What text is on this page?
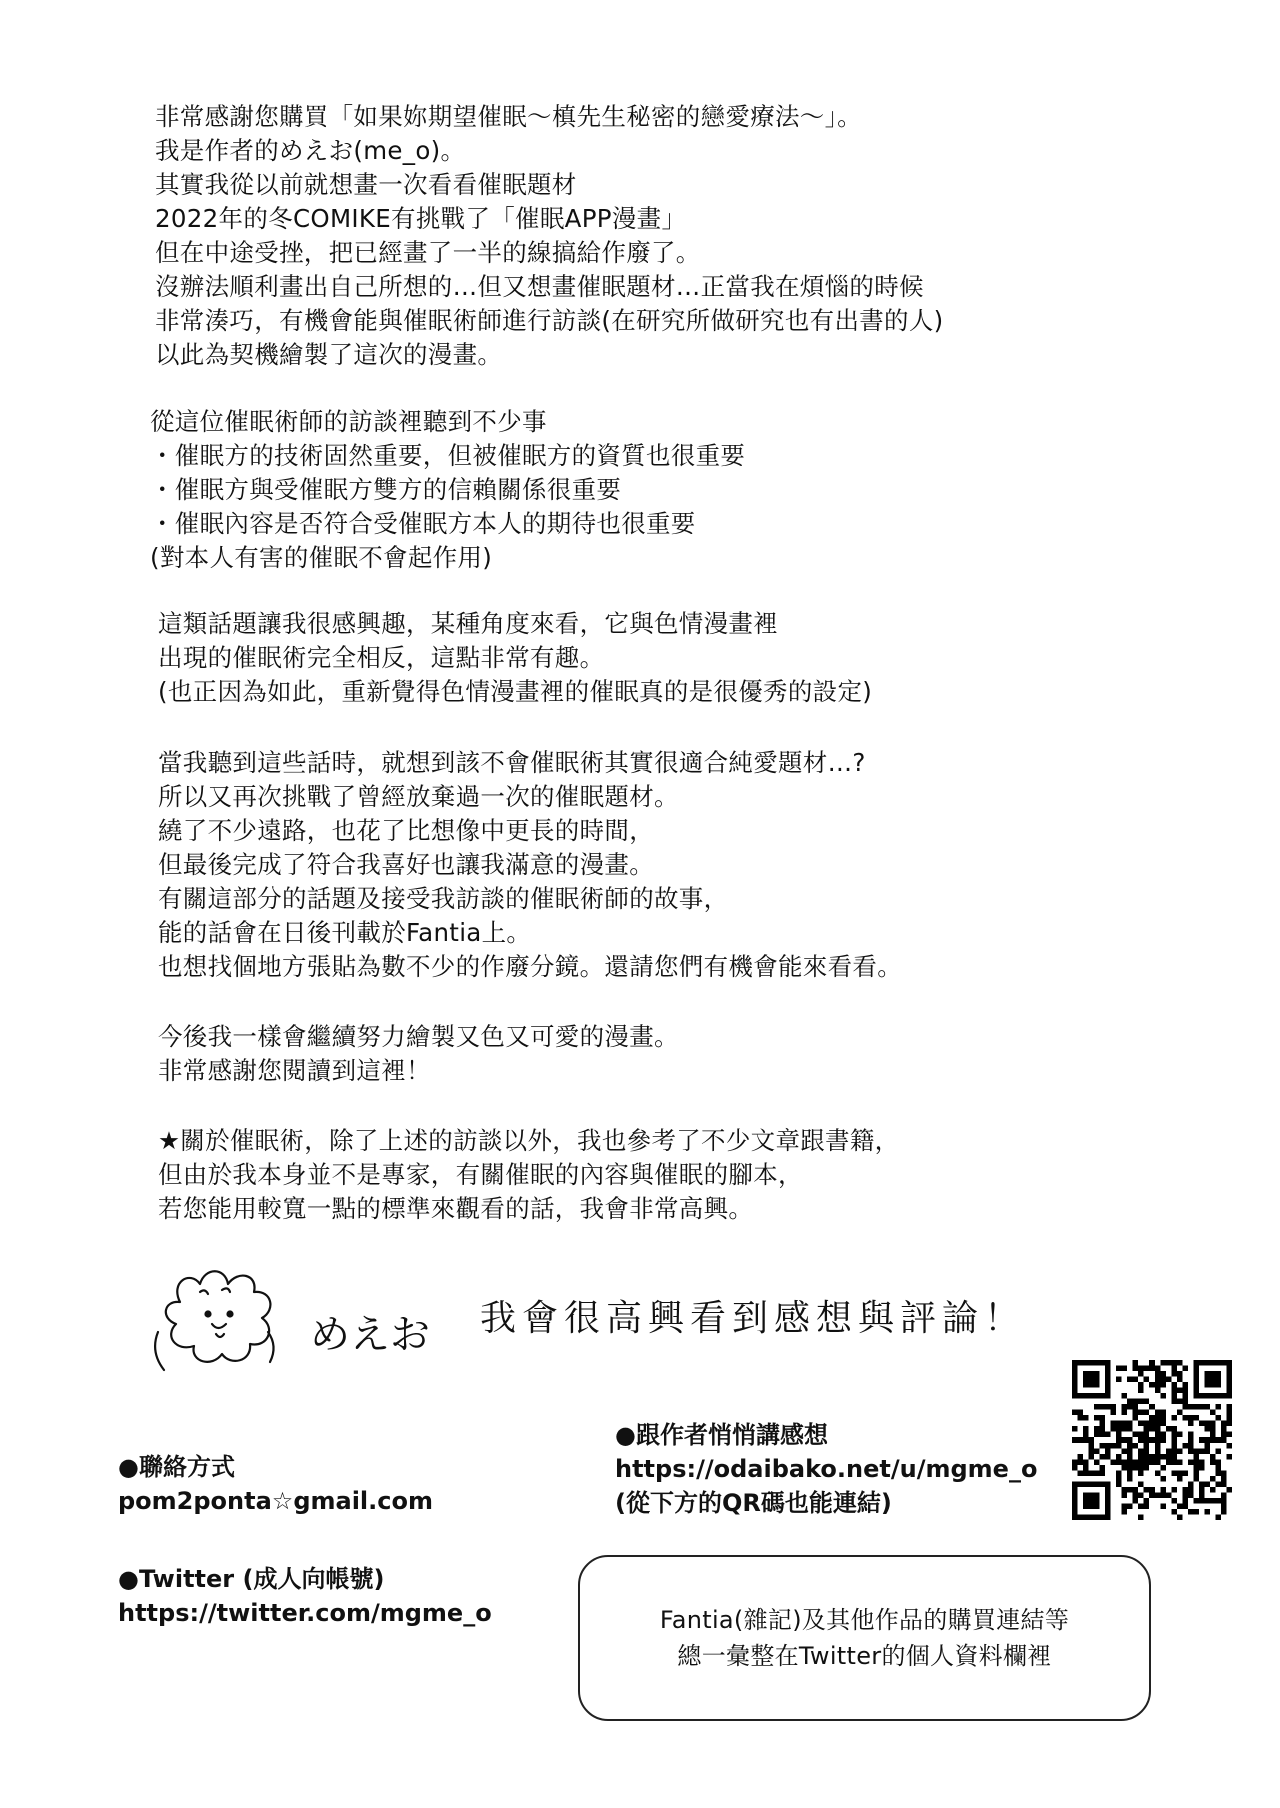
非常感謝您購買「如果妳期望催眠～槙先生秘密的戀愛療法～」。
我是作者的めえお(me_o)。
其實我從以前就想畫一次看看催眠題材
2022年的冬COMIKE有挑戰了「催眠APP漫畫」
但在中途受挫，把已經畫了一半的線搞給作廢了。
沒辦法順利畫出自己所想的…但又想畫催眠題材…正當我在煩惱的時候
非常湊巧，有機會能與催眠術師進行訪談(在研究所做研究也有出書的人)
以此為契機繪製了這次的漫畫。
從這位催眠術師的訪談裡聽到不少事
・催眠方的技術固然重要，但被催眠方的資質也很重要
・催眠方與受催眠方雙方的信賴關係很重要
・催眠內容是否符合受催眠方本人的期待也很重要
(對本人有害的催眠不會起作用)
這類話題讓我很感興趣，某種角度來看，它與色情漫畫裡
出現的催眠術完全相反，這點非常有趣。
(也正因為如此，重新覺得色情漫畫裡的催眠真的是很優秀的設定)
當我聽到這些話時，就想到該不會催眠術其實很適合純愛題材…?
所以又再次挑戰了曾經放棄過一次的催眠題材。
繞了不少遠路，也花了比想像中更長的時間，
但最後完成了符合我喜好也讓我滿意的漫畫。
有關這部分的話題及接受我訪談的催眠術師的故事，
能的話會在日後刊載於Fantia上。
也想找個地方張貼為數不少的作廢分鏡。還請您們有機會能來看看。
今後我一樣會繼續努力繪製又色又可愛的漫畫。
非常感謝您閱讀到這裡！
★關於催眠術，除了上述的訪談以外，我也參考了不少文章跟書籍，
但由於我本身並不是專家，有關催眠的內容與催眠的腳本，
若您能用較寬一點的標準來觀看的話，我會非常高興。
めえお 我會很高興看到感想與評論！
●跟作者悄悄講感想
https://odaibako.net/u/mgme_o
(從下方的QR碼也能連結)
●聯絡方式
pom2ponta☆gmail.com
●Twitter (成人向帳號)
https://twitter.com/mgme_o	Fantia(雜記)及其他作品的購買連結等
總一彙整在Twitter的個人資料欄裡
